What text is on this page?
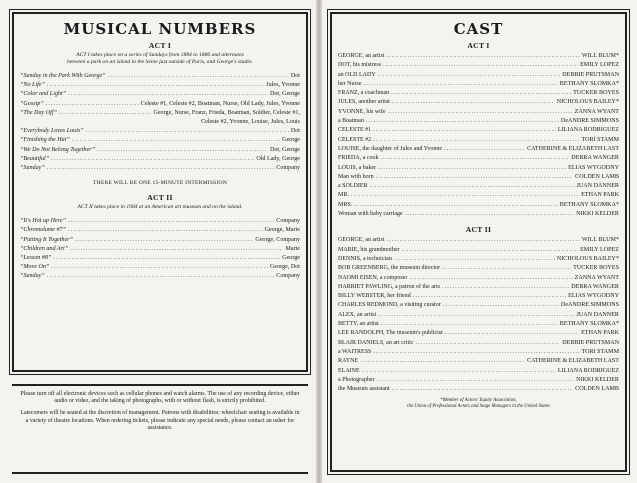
MUSICAL NUMBERS
ACT I
ACT I takes place on a series of Sundays from 1884 to 1886 and alternates
between a park on an island in the Seine just outside of Paris, and George's studio.
“Sunday in the Park With George” .....	Dot
“No Life” .....	Jules, Yvonne
“Color and Light” .....	Dot, George
“Gossip” .....	Celeste #1, Celeste #2, Boatman, Nurse, Old Lady, Jules, Yvonne
“The Day Off” .....	George, Nurse, Franz, Frieda, Boatman, Soldier, Celeste #1,
Celeste #2, Yvonne, Louise, Jules, Louis
“Everybody Loves Louis” .....	Dot
“Finishing the Hat” .....	George
“We Do Not Belong Together” .....	Dot, George
“Beautiful” .....	Old Lady, George
“Sunday” .....	Company
THERE WILL BE ONE 15-MINUTE INTERMISSION
ACT II
ACT II takes place in 1984 at an American art museum and on the island.
“It's Hot up Here” .....	Company
“Chromolume #7” .....	George, Marie
“Putting It Together” .....	George, Company
“Children and Art” .....	Marie
“Lesson #8” .....	George
“Move On” .....	George, Dot
“Sunday” .....	Company

Please turn off all electronic devices such as cellular phones and watch alarms. The use of any recording device, either audio or video, and the taking of photographs, with or without flash, is strictly prohibited.

Latecomers will be seated at the discretion of management. Patrons with disabilities: wheelchair seating is available in a variety of theatre locations. When ordering tickets, please indicate any special needs, please contact an usher for assistance.

CAST
ACT I
GEORGE, an artist .....	WILL BLUM*
DOT, his mistress .....	EMILY LOPEZ
an OLD LADY .....	DEBBIE PRUTSMAN
her Nurse .....	BETHANY SLOMKA*
FRANZ, a coachman .....	TUCKER BOYES
JULES, another artist .....	NICHOLOUS BAILEY*
YVONNE, his wife .....	ZANNA WYANT
a Boatman .....	DeANDRE SIMMONS
CELESTE #1 .....	LILIANA RODRIGUEZ
CELESTE #2 .....	TORI STAMM
LOUISE, the daughter of Jules and Yvonne .....	CATHERINE & ELIZABETH LAST
FRIEDA, a cook .....	DEBRA WANGER
LOUIS, a baker .....	ELIAS WYGODNY
Man with horn .....	COLDEN LAMB
a SOLDIER .....	JUAN DANNER
MR. .....	ETHAN PARK
MRS. .....	BETHANY SLOMKA*
Woman with baby carriage .....	NIKKI KELDER
ACT II
GEORGE, an artist .....	WILL BLUM*
MARIE, his grandmother .....	EMILY LOPEZ
DENNIS, a technician .....	NICHOLOUS BAILEY*
BOB GREENBERG, the museum director .....	TUCKER BOYES
NAOMI EISEN, a composer .....	ZANNA WYANT
HARRIET PAWLING, a patron of the arts .....	DEBRA WANGER
BILLY WEBSTER, her friend .....	ELIAS WYGODNY
CHARLES REDMOND, a visiting curator .....	DeANDRE SIMMONS
ALEX, an artist .....	JUAN DANNER
BETTY, an artist .....	BETHANY SLOMKA*
LEE RANDOLPH, The museum's publicist .....	ETHAN PARK
BLAIR DANIELS, an art critic .....	DEBBIE PRUTSMAN
a WAITRESS .....	TORI STAMM
RAYNE .....	CATHERINE & ELIZABETH LAST
ELAINE .....	LILIANA RODRIGUEZ
a Photographer .....	NIKKI KELDER
the Museum assistant .....	COLDEN LAMB
*Member of Actors' Equity Association,
the Union of Professional Actors and Stage Managers in the United States
